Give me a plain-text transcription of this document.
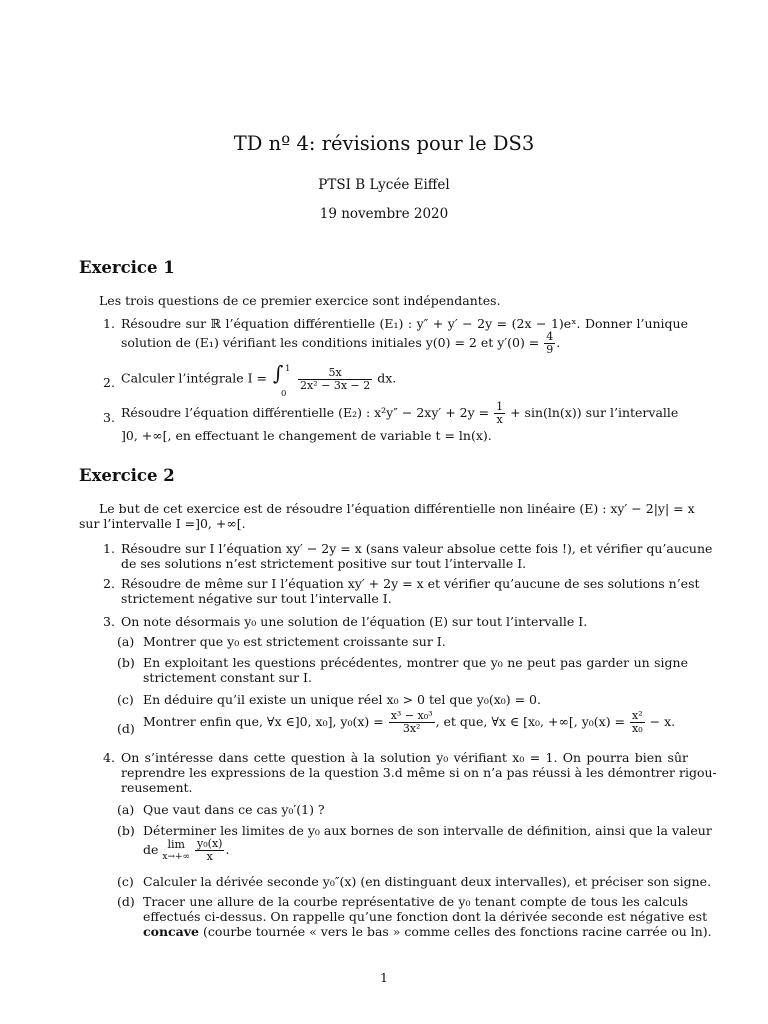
TD nº 4: révisions pour le DS3
PTSI B Lycée Eiffel
19 novembre 2020
Exercice 1
Les trois questions de ce premier exercice sont indépendantes.
1. Résoudre sur ℝ l’équation différentielle (E₁) : y″ + y′ − 2y = (2x − 1)eˣ. Donner l’unique
solution de (E₁) vérifiant les conditions initiales y(0) = 2 et $y'(0) = \frac{4}{9}$ .
2. Calculer l’intégrale I = ∫ 1
0

$\frac{5x}{\text{2x² − 3x − 2}}$ dx.
3. Résoudre l’équation différentielle (E₂) : $x^2y'' - 2xy' + 2y = \frac{1}{x} + \sin(\ln(x))$ sur l’intervalle
]0, +∞[, en effectuant le changement de variable t = ln(x).
Exercice 2
Le but de cet exercice est de résoudre l’équation différentielle non linéaire (E) : xy′ − 2|y| = x
sur l’intervalle I =]0, +∞[.
1. Résoudre sur I l’équation xy′ − 2y = x (sans valeur absolue cette fois !), et vérifier qu’aucune
de ses solutions n’est strictement positive sur tout l’intervalle I.
2. Résoudre de même sur I l’équation xy′ + 2y = x et vérifier qu’aucune de ses solutions n’est
strictement négative sur tout l’intervalle I.
3. On note désormais y₀ une solution de l’équation (E) sur tout l’intervalle I.
(a) Montrer que y₀ est strictement croissante sur I.
(b) En exploitant les questions précédentes, montrer que y₀ ne peut pas garder un signe
strictement constant sur I.
(c) En déduire qu’il existe un unique réel x₀ > 0 tel que y₀(x₀) = 0.
(d) Montrer enfin que, ∀x ∈]0, x₀], $y_0(x) = \frac{\text{x³ − x₀³}}{\text{3x²}}$ , et que, ∀x ∈ [x₀, +∞[, $y_0(x) = \frac{\text{x²}}{\text{x₀}} - x$.
4. On s’intéresse dans cette question à la solution y₀ vérifiant x₀ = 1. On pourra bien sûr
reprendre les expressions de la question 3.d même si on n’a pas réussi à les démontrer rigou-
reusement.
(a) Que vaut dans ce cas y₀′(1) ?
(b) Déterminer les limites de y₀ aux bornes de son intervalle de définition, ainsi que la valeur
de lim
x→+∞
$\frac{\text{y₀(x)}}{x}$ .
(c) Calculer la dérivée seconde y₀″(x) (en distinguant deux intervalles), et préciser son signe.
(d) Tracer une allure de la courbe représentative de y₀ tenant compte de tous les calculs
effectués ci-dessus. On rappelle qu’une fonction dont la dérivée seconde est négative est
concave (courbe tournée « vers le bas » comme celles des fonctions racine carrée ou ln).
1
